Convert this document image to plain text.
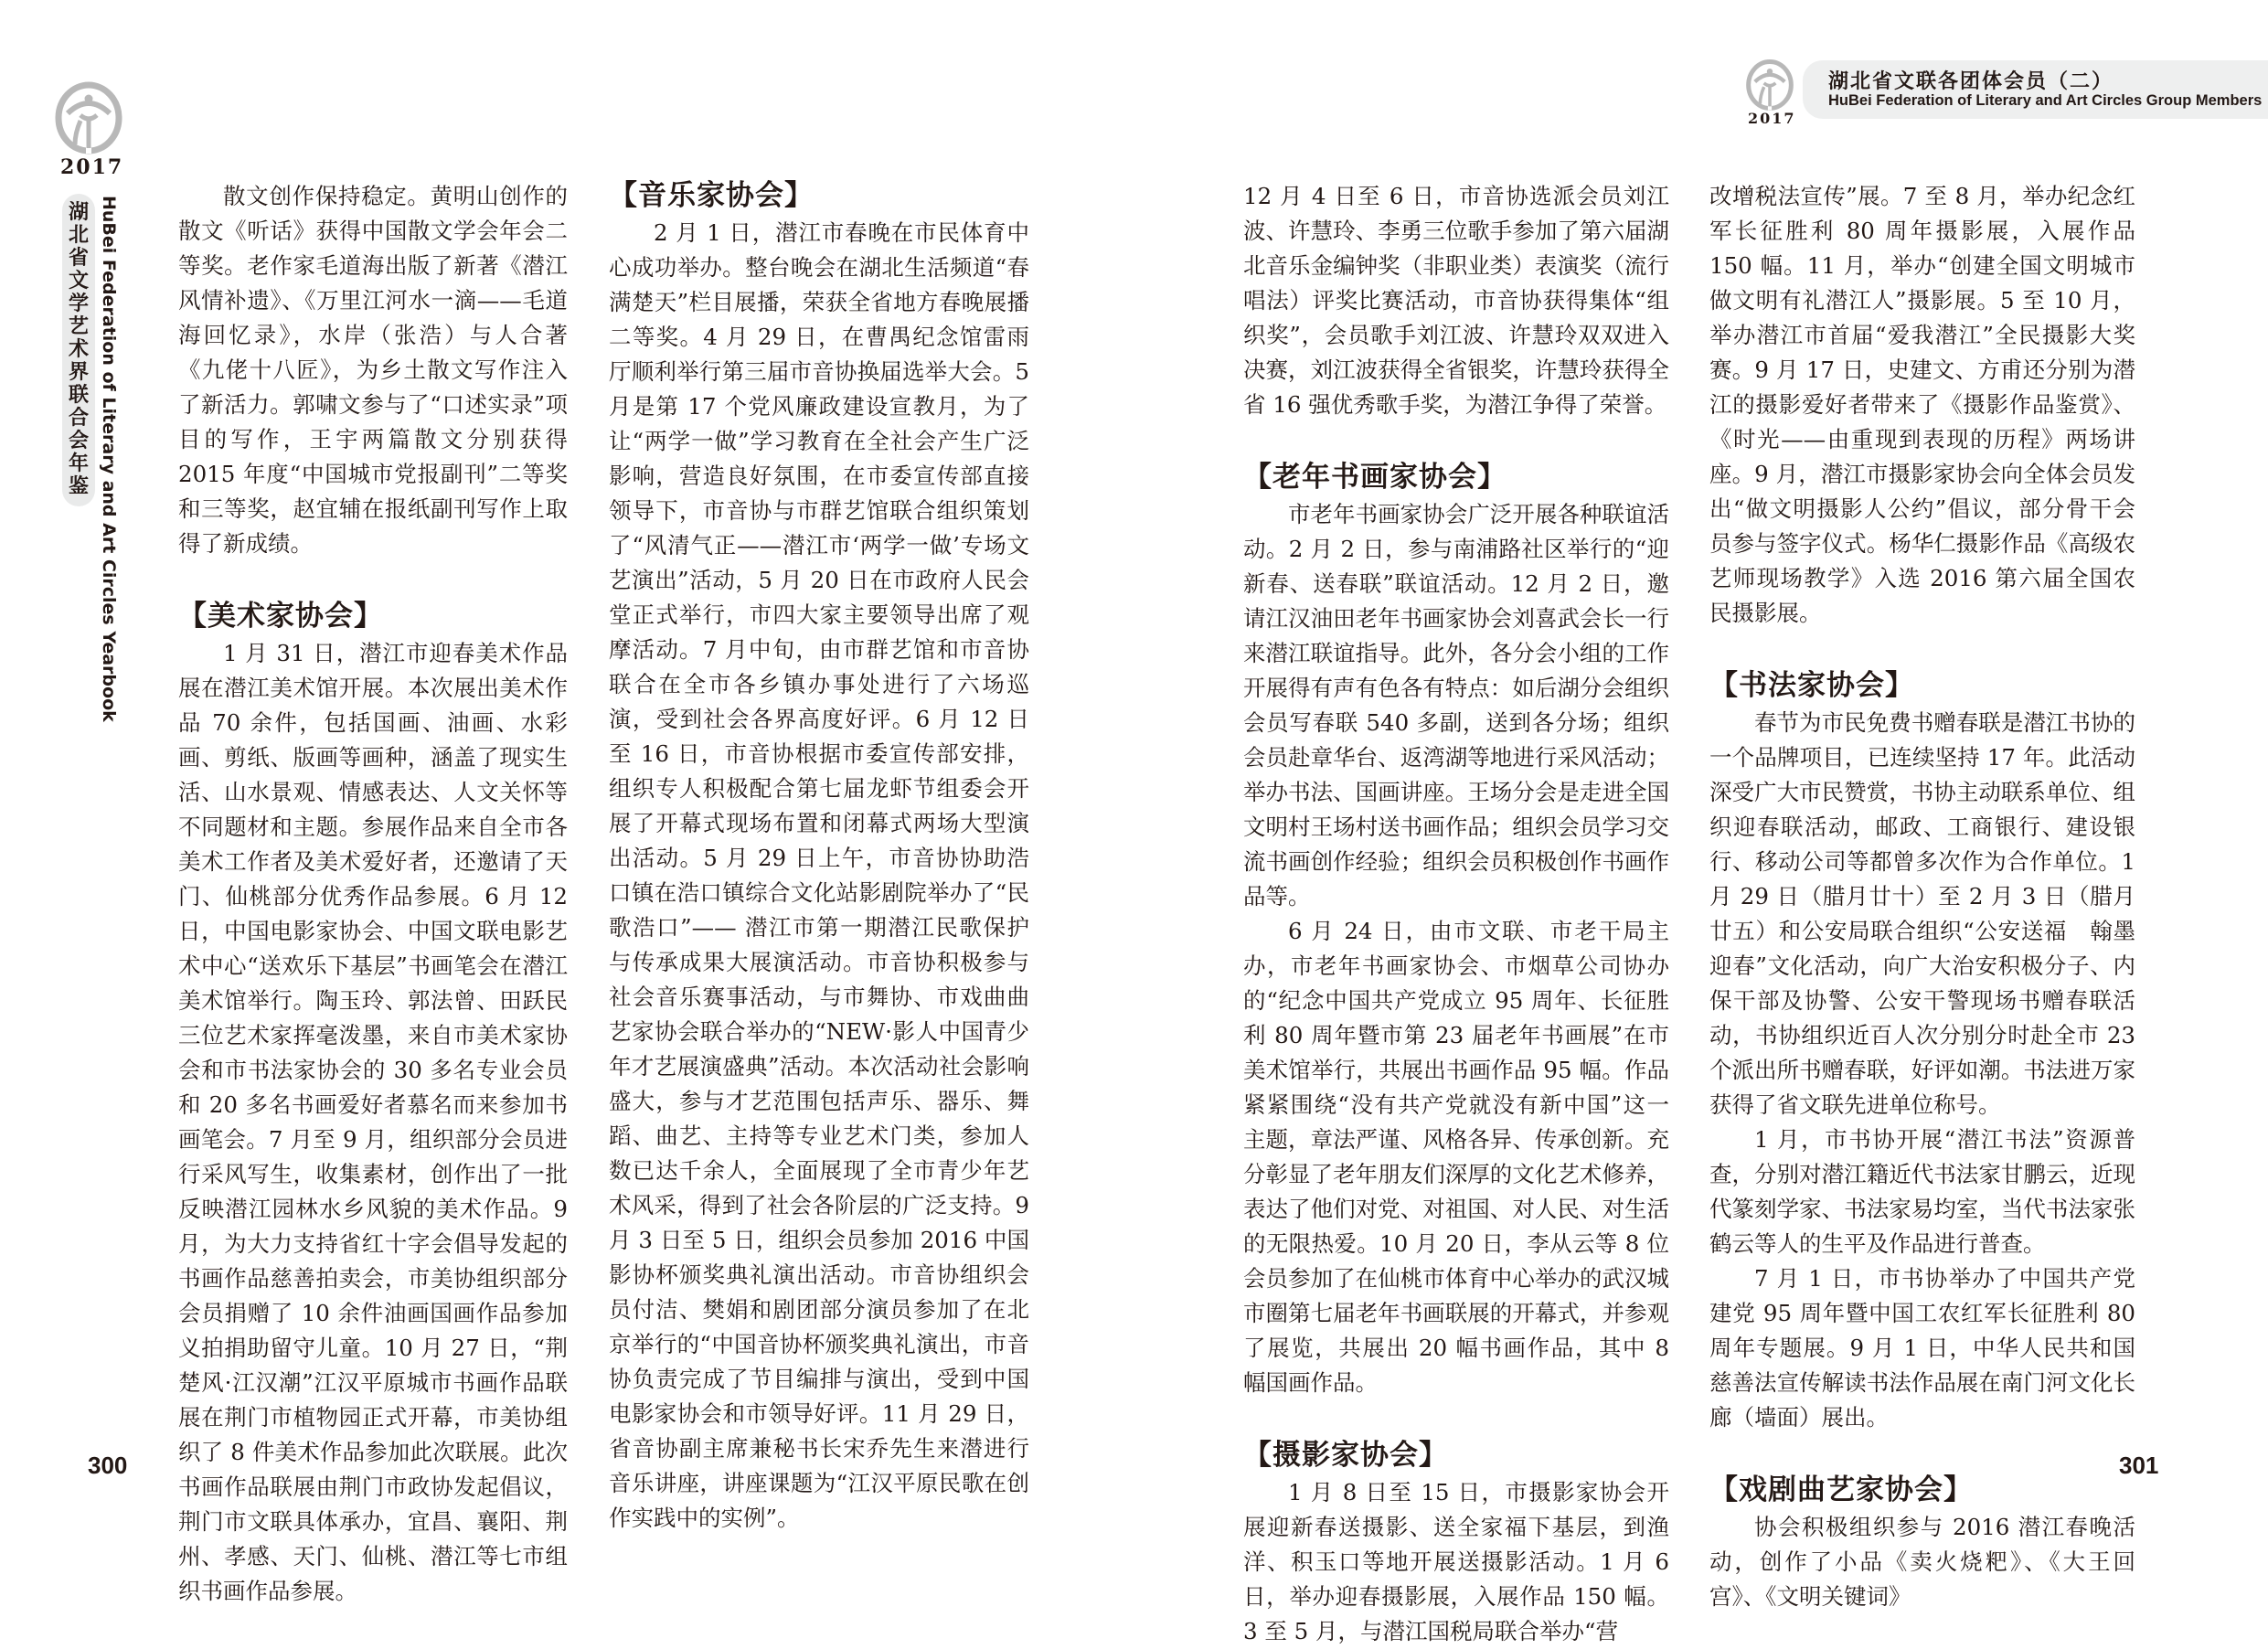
2017
湖
北
省
文
学
艺
术
界
联
合
会
年
鉴 HuBei Federation of Literary and Art Circles Yearbook	散文创作保持稳定。黄明山创作的散文《听话》获得中国散文学会年会二等奖。老作家毛道海出版了新著《潜江风情补遗》、《万里江河水一滴——毛道海回忆录》，水岸（张浩）与人合著《九佬十八匠》，为乡土散文写作注入了新活力。郭啸文参与了“口述实录”项目的写作，王宇两篇散文分别获得 2015 年度“中国城市党报副刊”二等奖和三等奖，赵宜辅在报纸副刊写作上取得了新成绩。

【美术家协会】

1 月 31 日，潜江市迎春美术作品展在潜江美术馆开展。本次展出美术作品 70 余件，包括国画、油画、水彩画、剪纸、版画等画种，涵盖了现实生活、山水景观、情感表达、人文关怀等不同题材和主题。参展作品来自全市各美术工作者及美术爱好者，还邀请了天门、仙桃部分优秀作品参展。6 月 12 日，中国电影家协会、中国文联电影艺术中心“送欢乐下基层”书画笔会在潜江美术馆举行。陶玉玲、郭法曾、田跃民三位艺术家挥毫泼墨，来自市美术家协会和市书法家协会的 30 多名专业会员和 20 多名书画爱好者慕名而来参加书画笔会。7 月至 9 月，组织部分会员进行采风写生，收集素材，创作出了一批反映潜江园林水乡风貌的美术作品。9 月，为大力支持省红十字会倡导发起的书画作品慈善拍卖会，市美协组织部分会员捐赠了 10 余件油画国画作品参加义拍捐助留守儿童。10 月 27 日，“荆楚风·江汉潮”江汉平原城市书画作品联展在荆门市植物园正式开幕，市美协组织了 8 件美术作品参加此次联展。此次书画作品联展由荆门市政协发起倡议，荆门市文联具体承办，宜昌、襄阳、荆州、孝感、天门、仙桃、潜江等七市组织书画作品参展。

【音乐家协会】

2 月 1 日，潜江市春晚在市民体育中心成功举办。整台晚会在湖北生活频道“春满楚天”栏目展播，荣获全省地方春晚展播二等奖。4 月 29 日，在曹禺纪念馆雷雨厅顺利举行第三届市音协换届选举大会。5 月是第 17 个党风廉政建设宣教月，为了让“两学一做”学习教育在全社会产生广泛影响，营造良好氛围，在市委宣传部直接领导下，市音协与市群艺馆联合组织策划了“风清气正——潜江市‘两学一做’专场文艺演出”活动，5 月 20 日在市政府人民会堂正式举行，市四大家主要领导出席了观摩活动。7 月中旬，由市群艺馆和市音协联合在全市各乡镇办事处进行了六场巡演，受到社会各界高度好评。6 月 12 日至 16 日，市音协根据市委宣传部安排，组织专人积极配合第七届龙虾节组委会开展了开幕式现场布置和闭幕式两场大型演出活动。5 月 29 日上午，市音协协助浩口镇在浩口镇综合文化站影剧院举办了“民歌浩口”—— 潜江市第一期潜江民歌保护与传承成果大展演活动。市音协积极参与社会音乐赛事活动，与市舞协、市戏曲曲艺家协会联合举办的“NEW·影人中国青少年才艺展演盛典”活动。本次活动社会影响盛大，参与才艺范围包括声乐、器乐、舞蹈、曲艺、主持等专业艺术门类，参加人数已达千余人，全面展现了全市青少年艺术风采，得到了社会各阶层的广泛支持。9 月 3 日至 5 日，组织会员参加 2016 中国影协杯颁奖典礼演出活动。市音协组织会员付洁、樊娟和剧团部分演员参加了在北京举行的“中国音协杯颁奖典礼演出，市音协负责完成了节目编排与演出，受到中国电影家协会和市领导好评。11 月 29 日，省音协副主席兼秘书长宋乔先生来潜进行音乐讲座，讲座课题为“江汉平原民歌在创作实践中的实例”。

300
2017
湖北省文联各团体会员（二）
HuBei Federation of Literary and Art Circles Group Members

12 月 4 日至 6 日，市音协选派会员刘江波、许慧玲、李勇三位歌手参加了第六届湖北音乐金编钟奖（非职业类）表演奖（流行唱法）评奖比赛活动，市音协获得集体“组织奖”，会员歌手刘江波、许慧玲双双进入决赛，刘江波获得全省银奖，许慧玲获得全省 16 强优秀歌手奖，为潜江争得了荣誉。

【老年书画家协会】

市老年书画家协会广泛开展各种联谊活动。2 月 2 日，参与南浦路社区举行的“迎新春、送春联”联谊活动。12 月 2 日，邀请江汉油田老年书画家协会刘喜武会长一行来潜江联谊指导。此外，各分会小组的工作开展得有声有色各有特点：如后湖分会组织会员写春联 540 多副，送到各分场；组织会员赴章华台、返湾湖等地进行采风活动；举办书法、国画讲座。王场分会是走进全国文明村王场村送书画作品；组织会员学习交流书画创作经验；组织会员积极创作书画作品等。

6 月 24 日，由市文联、市老干局主办，市老年书画家协会、市烟草公司协办的“纪念中国共产党成立 95 周年、长征胜利 80 周年暨市第 23 届老年书画展”在市美术馆举行，共展出书画作品 95 幅。作品紧紧围绕“没有共产党就没有新中国”这一主题，章法严谨、风格各异、传承创新。充分彰显了老年朋友们深厚的文化艺术修养，表达了他们对党、对祖国、对人民、对生活的无限热爱。10 月 20 日，李从云等 8 位会员参加了在仙桃市体育中心举办的武汉城市圈第七届老年书画联展的开幕式，并参观了展览，共展出 20 幅书画作品，其中 8 幅国画作品。

【摄影家协会】

1 月 8 日至 15 日，市摄影家协会开展迎新春送摄影、送全家福下基层，到渔洋、积玉口等地开展送摄影活动。1 月 6 日，举办迎春摄影展，入展作品 150 幅。3 至 5 月，与潜江国税局联合举办“营

改增税法宣传”展。7 至 8 月，举办纪念红军长征胜利 80 周年摄影展，入展作品 150 幅。11 月，举办“创建全国文明城市 做文明有礼潜江人”摄影展。5 至 10 月，举办潜江市首届“爱我潜江”全民摄影大奖赛。9 月 17 日，史建文、方甫还分别为潜江的摄影爱好者带来了《摄影作品鉴赏》、《时光——由重现到表现的历程》两场讲座。9 月，潜江市摄影家协会向全体会员发出“做文明摄影人公约”倡议，部分骨干会员参与签字仪式。杨华仁摄影作品《高级农艺师现场教学》入选 2016 第六届全国农民摄影展。

【书法家协会】

春节为市民免费书赠春联是潜江书协的一个品牌项目，已连续坚持 17 年。此活动深受广大市民赞赏，书协主动联系单位、组织迎春联活动，邮政、工商银行、建设银行、移动公司等都曾多次作为合作单位。1 月 29 日（腊月廿十）至 2 月 3 日（腊月廿五）和公安局联合组织“公安送福　翰墨迎春”文化活动，向广大治安积极分子、内保干部及协警、公安干警现场书赠春联活动，书协组织近百人次分别分时赴全市 23 个派出所书赠春联，好评如潮。书法进万家获得了省文联先进单位称号。

1 月，市书协开展“潜江书法”资源普查，分别对潜江籍近代书法家甘鹏云，近现代篆刻学家、书法家易均室，当代书法家张鹤云等人的生平及作品进行普查。

7 月 1 日，市书协举办了中国共产党建党 95 周年暨中国工农红军长征胜利 80 周年专题展。9 月 1 日，中华人民共和国慈善法宣传解读书法作品展在南门河文化长廊（墙面）展出。

【戏剧曲艺家协会】

协会积极组织参与 2016 潜江春晚活动，创作了小品《卖火烧粑》、《大王回宫》、《文明关键词》

301
